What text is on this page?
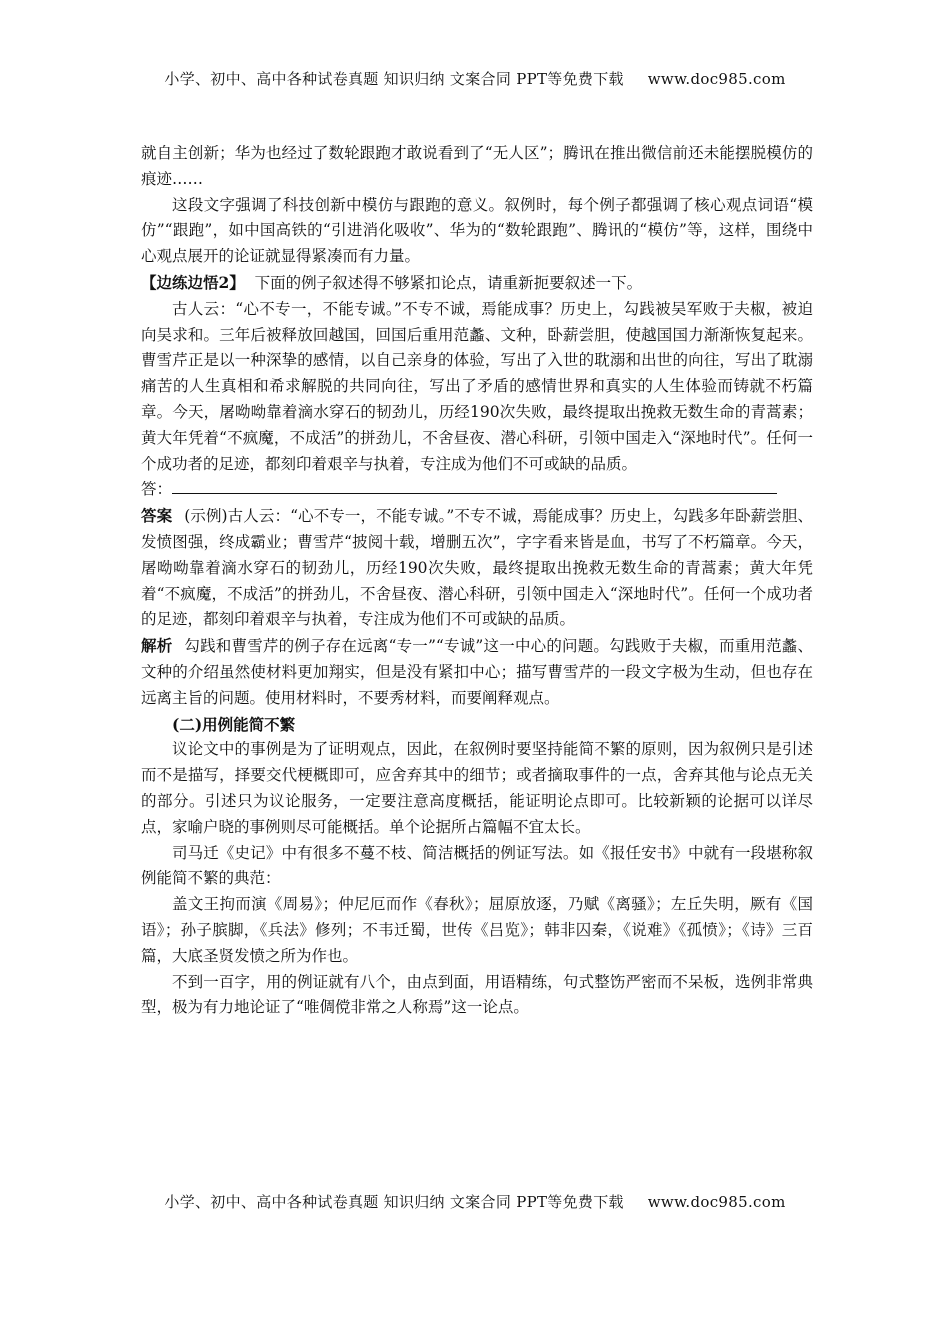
小学、初中、高中各种试卷真题 知识归纳 文案合同 PPT等免费下载 www.doc985.com

就自主创新；华为也经过了数轮跟跑才敢说看到了“无人区”；腾讯在推出微信前还未能摆脱模仿的痕迹……

这段文字强调了科技创新中模仿与跟跑的意义。叙例时，每个例子都强调了核心观点词语“模仿”“跟跑”，如中国高铁的“引进消化吸收”、华为的“数轮跟跑”、腾讯的“模仿”等，这样，围绕中心观点展开的论证就显得紧凑而有力量。

【边练边悟2】 下面的例子叙述得不够紧扣论点，请重新扼要叙述一下。

古人云：“心不专一，不能专诚。”不专不诚，焉能成事？历史上，勾践被吴军败于夫椒，被迫向吴求和。三年后被释放回越国，回国后重用范蠡、文种，卧薪尝胆，使越国国力渐渐恢复起来。曹雪芹正是以一种深挚的感情，以自己亲身的体验，写出了入世的耽溺和出世的向往，写出了耽溺痛苦的人生真相和希求解脱的共同向往，写出了矛盾的感情世界和真实的人生体验而铸就不朽篇章。今天，屠呦呦靠着滴水穿石的韧劲儿，历经190次失败，最终提取出挽救无数生命的青蒿素；黄大年凭着“不疯魔，不成活”的拼劲儿，不舍昼夜、潜心科研，引领中国走入“深地时代”。任何一个成功者的足迹，都刻印着艰辛与执着，专注成为他们不可或缺的品质。

答：

答案 (示例)古人云：“心不专一，不能专诚。”不专不诚，焉能成事？历史上，勾践多年卧薪尝胆、发愤图强，终成霸业；曹雪芹“披阅十载，增删五次”，字字看来皆是血，书写了不朽篇章。今天，屠呦呦靠着滴水穿石的韧劲儿，历经190次失败，最终提取出挽救无数生命的青蒿素；黄大年凭着“不疯魔，不成活”的拼劲儿，不舍昼夜、潜心科研，引领中国走入“深地时代”。任何一个成功者的足迹，都刻印着艰辛与执着，专注成为他们不可或缺的品质。

解析 勾践和曹雪芹的例子存在远离“专一”“专诚”这一中心的问题。勾践败于夫椒，而重用范蠡、文种的介绍虽然使材料更加翔实，但是没有紧扣中心；描写曹雪芹的一段文字极为生动，但也存在远离主旨的问题。使用材料时，不要秀材料，而要阐释观点。

(二)用例能简不繁

议论文中的事例是为了证明观点，因此，在叙例时要坚持能简不繁的原则，因为叙例只是引述而不是描写，择要交代梗概即可，应舍弃其中的细节；或者摘取事件的一点，舍弃其他与论点无关的部分。引述只为议论服务，一定要注意高度概括，能证明论点即可。比较新颖的论据可以详尽点，家喻户晓的事例则尽可能概括。单个论据所占篇幅不宜太长。

司马迁《史记》中有很多不蔓不枝、简洁概括的例证写法。如《报任安书》中就有一段堪称叙例能简不繁的典范：

盖文王拘而演《周易》；仲尼厄而作《春秋》；屈原放逐，乃赋《离骚》；左丘失明，厥有《国语》；孙子膑脚，《兵法》修列；不韦迁蜀，世传《吕览》；韩非囚秦，《说难》《孤愤》；《诗》三百篇，大底圣贤发愤之所为作也。

不到一百字，用的例证就有八个，由点到面，用语精练，句式整饬严密而不呆板，选例非常典型，极为有力地论证了“唯倜傥非常之人称焉”这一论点。

小学、初中、高中各种试卷真题 知识归纳 文案合同 PPT等免费下载 www.doc985.com
